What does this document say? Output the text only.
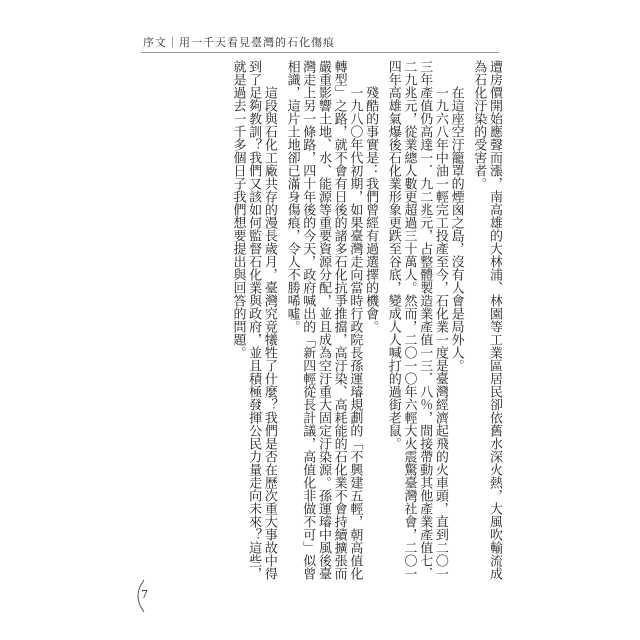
序文｜用一千天看見臺灣的石化傷痕

遭房價開始應聲而漲，南高雄的大林浦、林園等工業區居民卻依舊水深火熱，大風吹輸流成為石化汙染的受害者。

在這座空汙籠罩的煙囪之島，沒有人會是局外人。

一九六八年中油一輕完工投產至今，石化業一度是臺灣經濟起飛的火車頭，直到二〇一三年產值仍高達一．九二兆元，占整體製造業產值一三．八％，間接帶動其他產業產值七．二九兆元，從業總人數更超過三十萬人。然而，二〇一〇年六輕大火震驚臺灣社會，二〇一四年高雄氣爆後石化業形象更跌至谷底，變成人人喊打的過街老鼠。

殘酷的事實是：我們曾經有過選擇的機會。

一九八〇年代初期，如果臺灣走向當時行政院長孫運璿規劃的「不興建五輕，朝高值化轉型」之路，就不會有日後的諸多石化抗爭推擋，高汙染、高耗能的石化業不會持續擴張而嚴重影響土地、水、能源等重要資源分配，並且成為空汙重大固定汙染源。孫運璿中風後臺灣走上另一條路，四十年後的今天，政府喊出的「新四輕從長計議，高值化非做不可」似曾相識，這片土地卻已滿身傷痕，令人不勝唏噓。

這段與石化工廠共存的漫長歲月，臺灣究竟犧牲了什麼？我們是否在歷次重大事故中得到了足夠教訓？我們又該如何監督石化業與政府，並且積極發揮公民力量走向未來？這些，就是過去一千多個日子我們想要提出與回答的問題。

7
